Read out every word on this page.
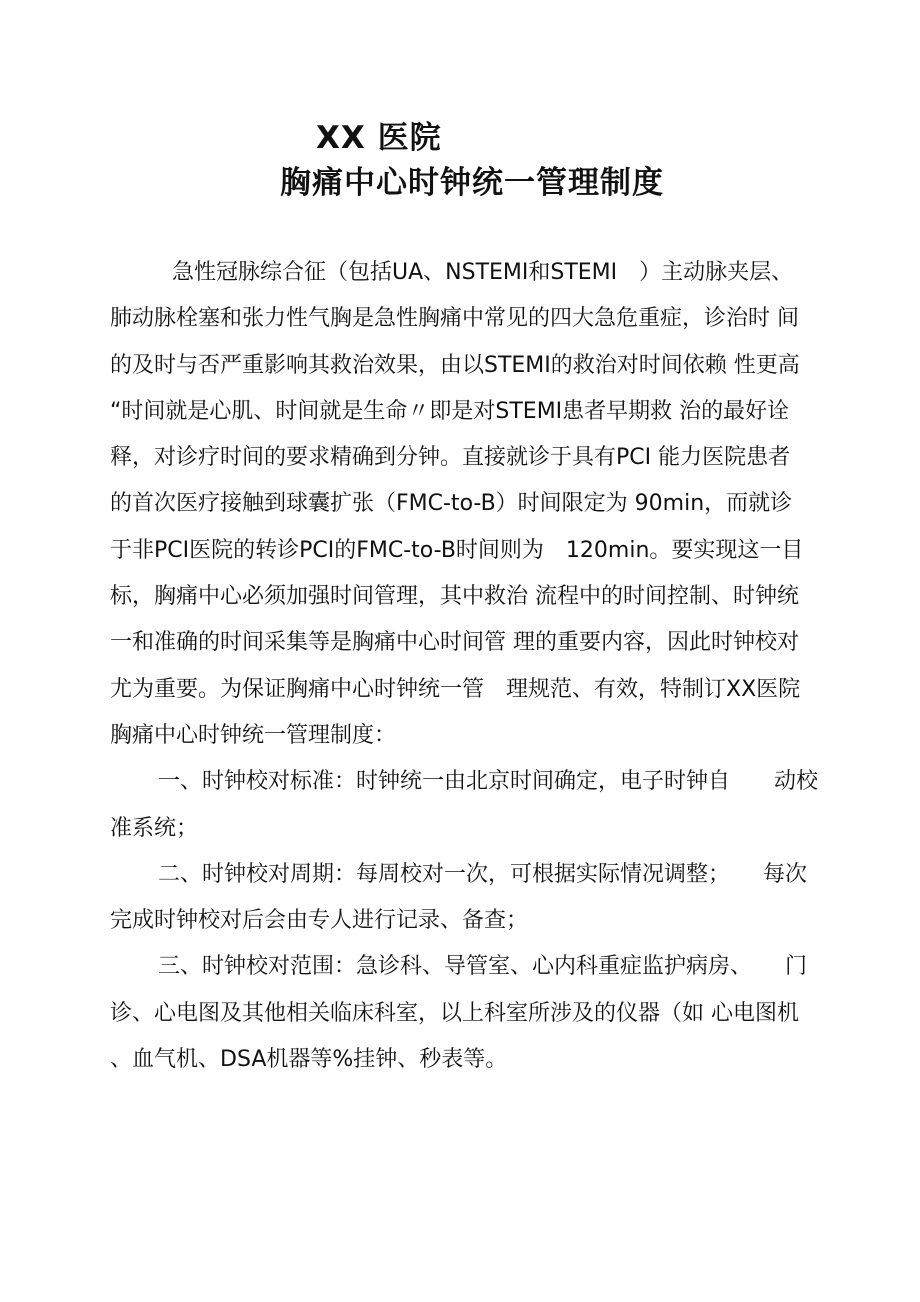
XX 医院
胸痛中心时钟统一管理制度
急性冠脉综合征（包括UA、NSTEMI和STEMI　）主动脉夹层、
肺动脉栓塞和张力性气胸是急性胸痛中常见的四大急危重症，诊治时 间
的及时与否严重影响其救治效果，由以STEMI的救治对时间依赖 性更高
“时间就是心肌、时间就是生命〃即是对STEMI患者早期救 治的最好诠
释，对诊疗时间的要求精确到分钟。直接就诊于具有PCI 能力医院患者
的首次医疗接触到球囊扩张（FMC-to-B）时间限定为 90min，而就诊
于非PCI医院的转诊PCI的FMC-to-B时间则为　120min。要实现这一目
标，胸痛中心必须加强时间管理，其中救治 流程中的时间控制、时钟统
一和准确的时间采集等是胸痛中心时间管 理的重要内容，因此时钟校对
尤为重要。为保证胸痛中心时钟统一管　理规范、有效，特制订XX医院
胸痛中心时钟统一管理制度：
一、时钟校对标准：时钟统一由北京时间确定，电子时钟自　　动校
准系统；
二、时钟校对周期：每周校对一次，可根据实际情况调整；　　每次
完成时钟校对后会由专人进行记录、备查；
三、时钟校对范围：急诊科、导管室、心内科重症监护病房、　　门
诊、心电图及其他相关临床科室，以上科室所涉及的仪器（如 心电图机
、血气机、DSA机器等%挂钟、秒表等。
